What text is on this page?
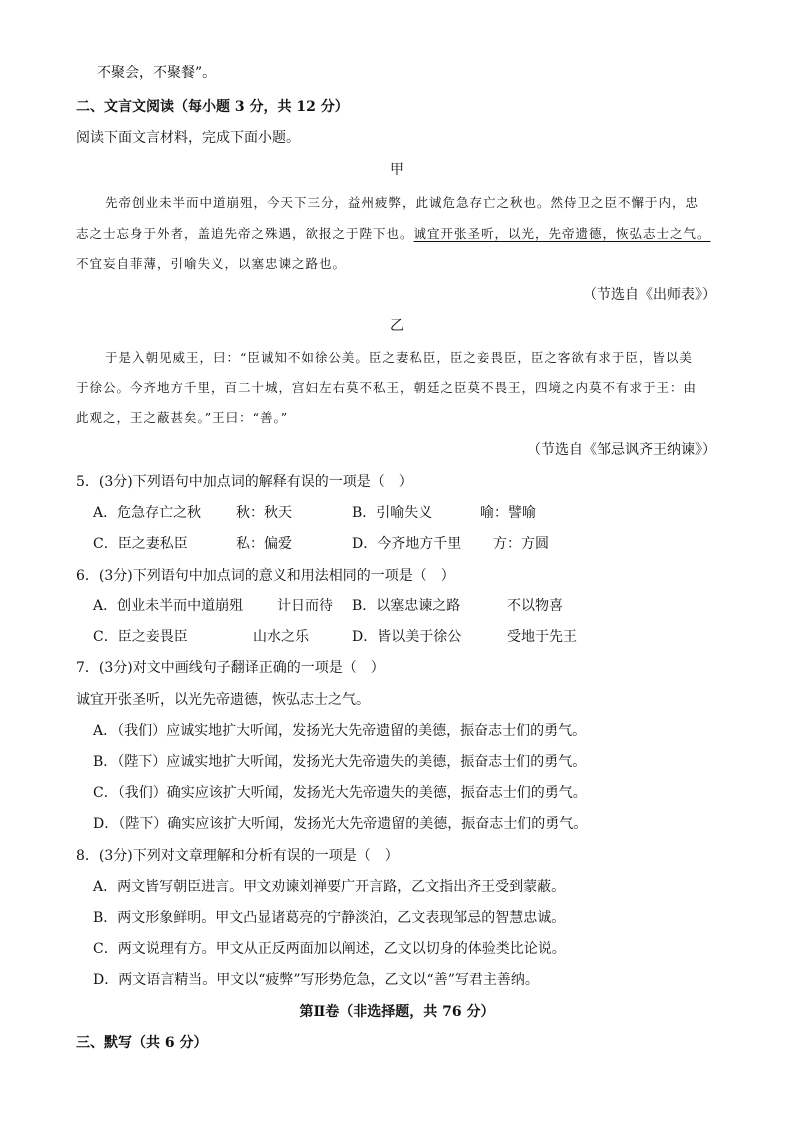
不聚会，不聚餐”。
二、文言文阅读（每小题 3 分，共 12 分）
阅读下面文言材料，完成下面小题。
甲
先帝创业未半而中道崩殂，今天下三分，益州疲弊，此诚危急存亡之秋也。然侍卫之臣不懈于内，忠
志之士忘身于外者，盖追先帝之殊遇，欲报之于陛下也。诚宜开张圣听，以光，先帝遗德，恢弘志士之气。
不宜妄自菲薄，引喻失义，以塞忠谏之路也。
（节选自《出师表》）
乙
于是入朝见威王，曰：“臣诚知不如徐公美。臣之妻私臣，臣之妾畏臣，臣之客欲有求于臣，皆以美
于徐公。今齐地方千里，百二十城，宫妇左右莫不私王，朝廷之臣莫不畏王，四境之内莫不有求于王：由
此观之，王之蔽甚矣。”王曰：“善。”
（节选自《邹忌讽齐王纳谏》）
5．(3分)下列语句中加点词的解释有误的一项是（　）
A．危急存亡之秋 秋：秋天	B．引喻失义	喻：譬喻
C．臣之妻私臣	私：偏爱	D．今齐地方千里 方：方圆
6．(3分)下列语句中加点词的意义和用法相同的一项是（　）
A．创业未半而中道崩殂 计日而待 B．以塞忠谏之路	不以物喜
C．臣之妾畏臣	山水之乐	D．皆以美于徐公	受地于先王
7．(3分)对文中画线句子翻译正确的一项是（　）
诚宜开张圣听，以光先帝遗德，恢弘志士之气。
A．（我们）应诚实地扩大听闻，发扬光大先帝遗留的美德，振奋志士们的勇气。
B．（陛下）应诚实地扩大听闻，发扬光大先帝遗失的美德，振奋志士们的勇气。
C．（我们）确实应该扩大听闻，发扬光大先帝遗失的美德，振奋志士们的勇气。
D．（陛下）确实应该扩大听闻，发扬光大先帝遗留的美德，振奋志士们的勇气。
8．(3分)下列对文章理解和分析有误的一项是（　）
A．两文皆写朝臣进言。甲文劝谏刘禅要广开言路，乙文指出齐王受到蒙蔽。
B．两文形象鲜明。甲文凸显诸葛亮的宁静淡泊，乙文表现邹忌的智慧忠诚。
C．两文说理有方。甲文从正反两面加以阐述，乙文以切身的体验类比论说。
D．两文语言精当。甲文以“疲弊”写形势危急，乙文以“善”写君主善纳。
第Ⅱ卷（非选择题，共 76 分）
三、默写（共 6 分）
